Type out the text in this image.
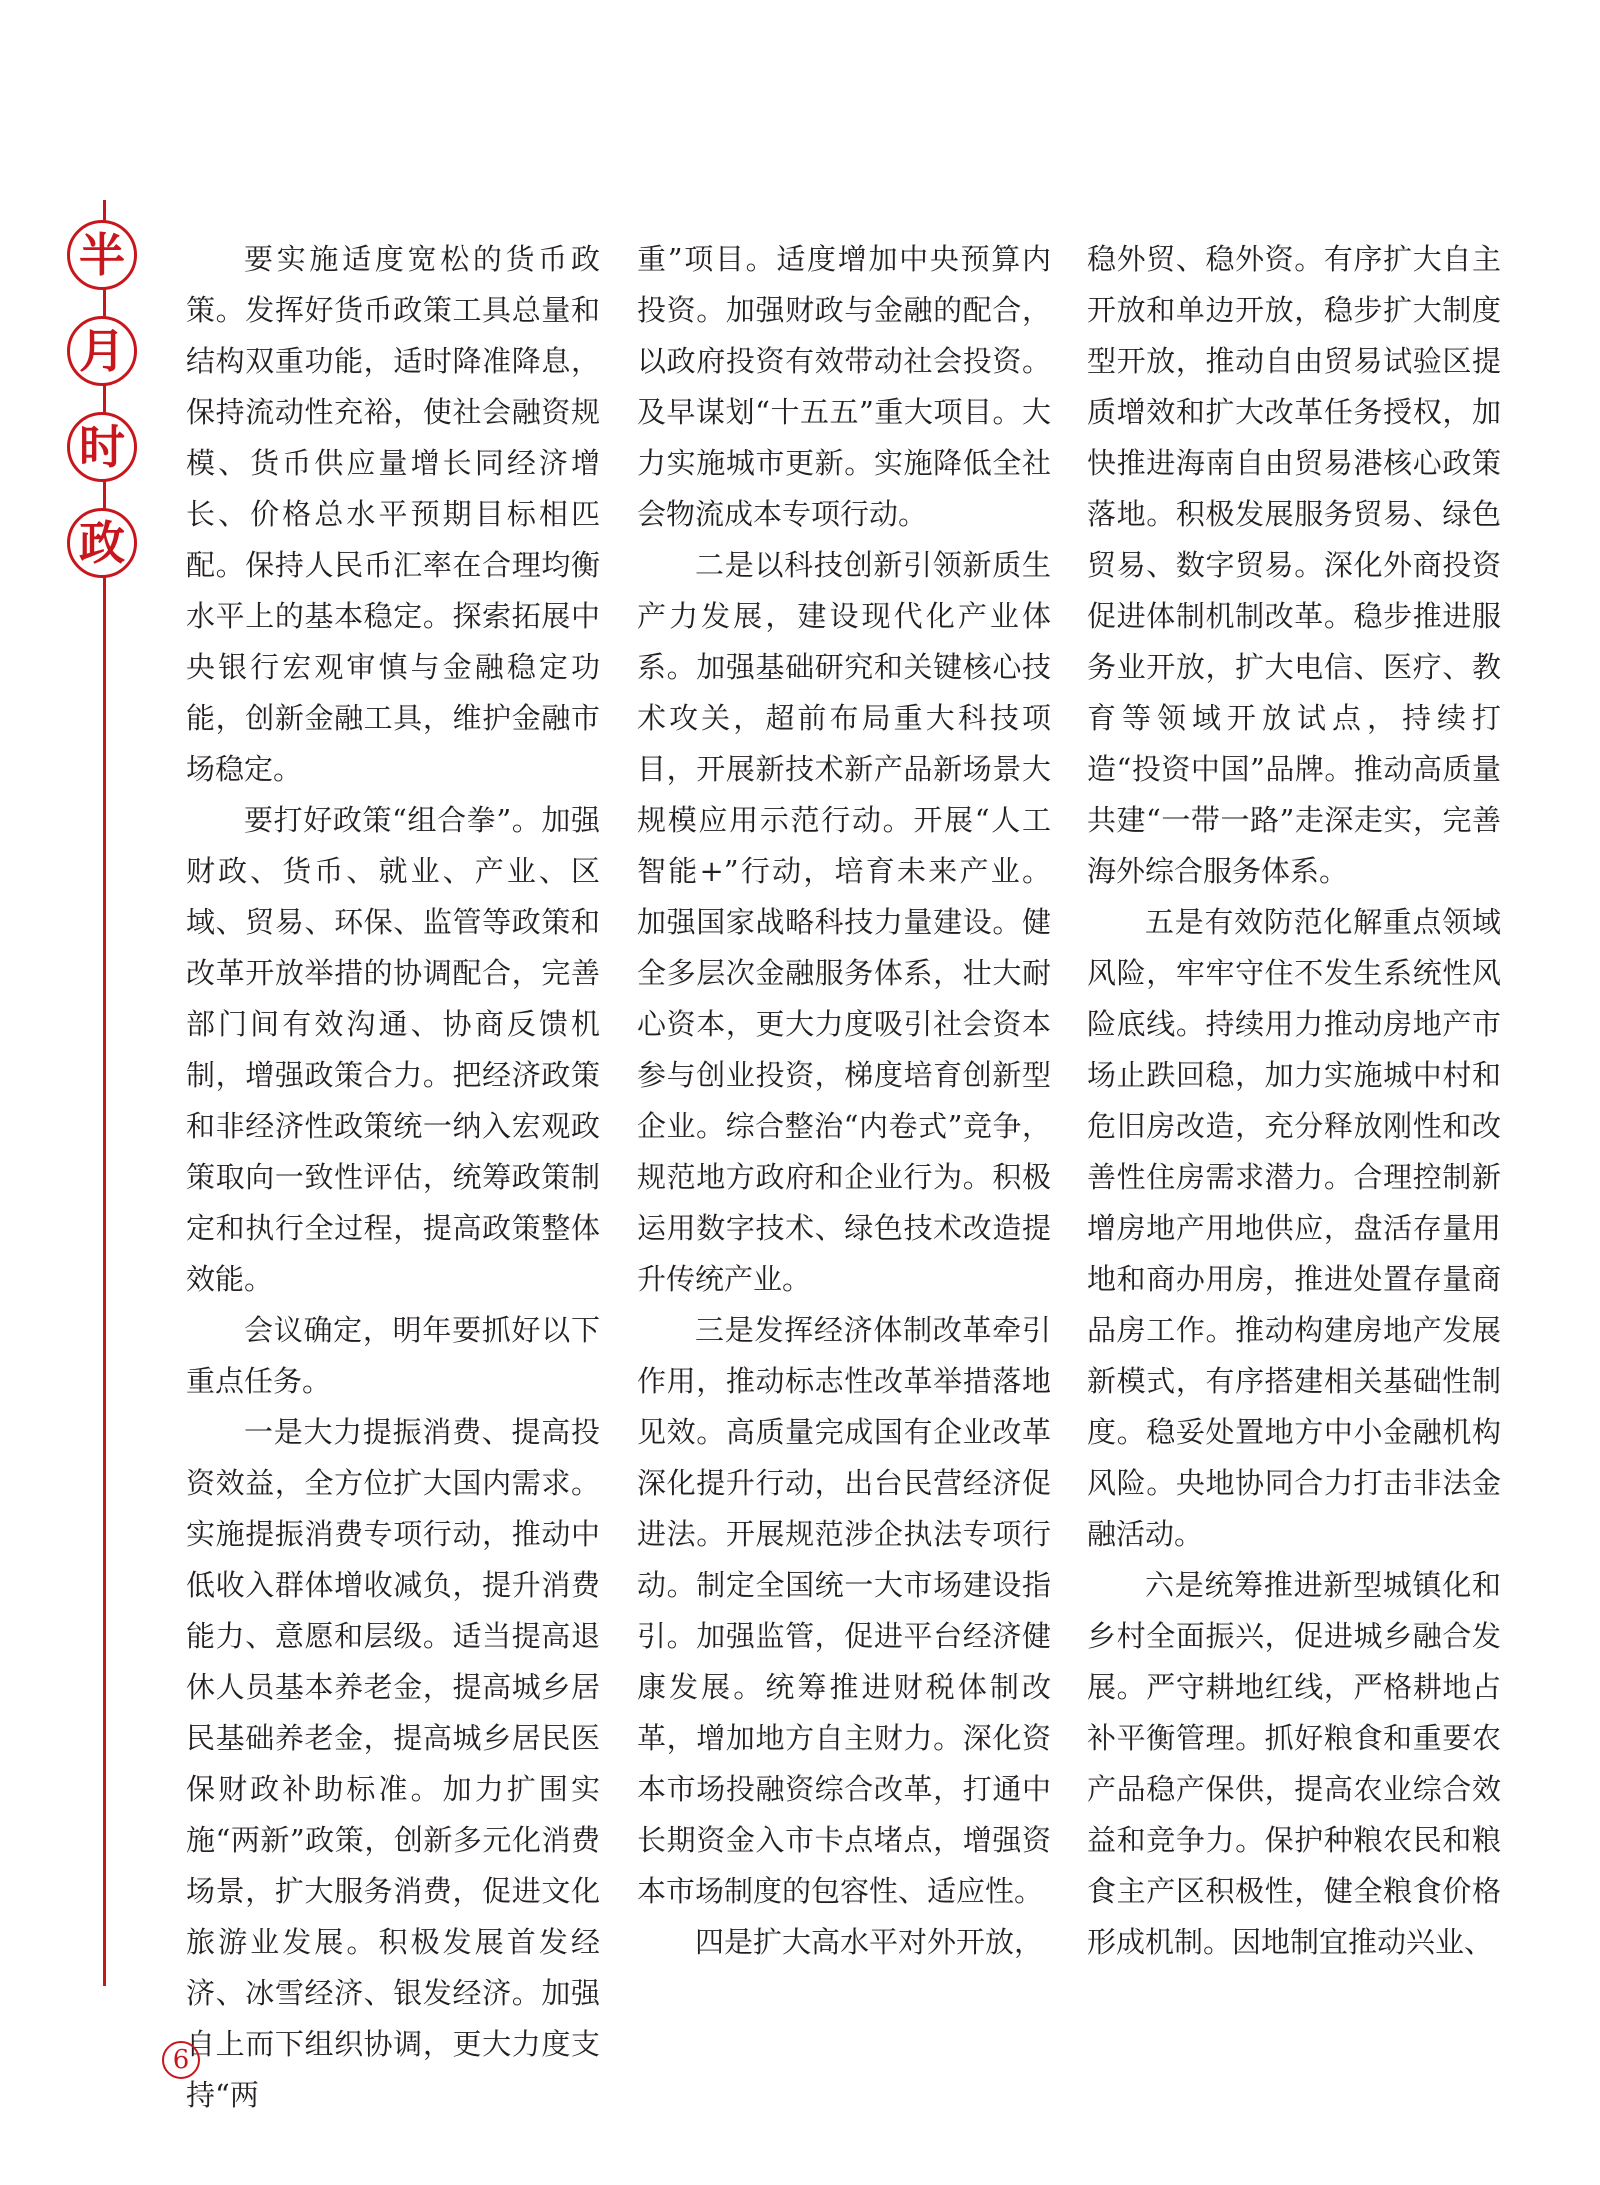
半
月
时
政

要实施适度宽松的货币政策。发挥好货币政策工具总量和结构双重功能，适时降准降息，保持流动性充裕，使社会融资规模、货币供应量增长同经济增长、价格总水平预期目标相匹配。保持人民币汇率在合理均衡水平上的基本稳定。探索拓展中央银行宏观审慎与金融稳定功能，创新金融工具，维护金融市场稳定。

要打好政策“组合拳”。加强财政、货币、就业、产业、区域、贸易、环保、监管等政策和改革开放举措的协调配合，完善部门间有效沟通、协商反馈机制，增强政策合力。把经济政策和非经济性政策统一纳入宏观政策取向一致性评估，统筹政策制定和执行全过程，提高政策整体效能。

会议确定，明年要抓好以下重点任务。

一是大力提振消费、提高投资效益，全方位扩大国内需求。实施提振消费专项行动，推动中低收入群体增收减负，提升消费能力、意愿和层级。适当提高退休人员基本养老金，提高城乡居民基础养老金，提高城乡居民医保财政补助标准。加力扩围实施“两新”政策，创新多元化消费场景，扩大服务消费，促进文化旅游业发展。积极发展首发经济、冰雪经济、银发经济。加强自上而下组织协调，更大力度支持“两

重”项目。适度增加中央预算内投资。加强财政与金融的配合，以政府投资有效带动社会投资。及早谋划“十五五”重大项目。大力实施城市更新。实施降低全社会物流成本专项行动。

二是以科技创新引领新质生产力发展，建设现代化产业体系。加强基础研究和关键核心技术攻关，超前布局重大科技项目，开展新技术新产品新场景大规模应用示范行动。开展“人工智能+”行动，培育未来产业。加强国家战略科技力量建设。健全多层次金融服务体系，壮大耐心资本，更大力度吸引社会资本参与创业投资，梯度培育创新型企业。综合整治“内卷式”竞争，规范地方政府和企业行为。积极运用数字技术、绿色技术改造提升传统产业。

三是发挥经济体制改革牵引作用，推动标志性改革举措落地见效。高质量完成国有企业改革深化提升行动，出台民营经济促进法。开展规范涉企执法专项行动。制定全国统一大市场建设指引。加强监管，促进平台经济健康发展。统筹推进财税体制改革，增加地方自主财力。深化资本市场投融资综合改革，打通中长期资金入市卡点堵点，增强资本市场制度的包容性、适应性。

四是扩大高水平对外开放，

稳外贸、稳外资。有序扩大自主开放和单边开放，稳步扩大制度型开放，推动自由贸易试验区提质增效和扩大改革任务授权，加快推进海南自由贸易港核心政策落地。积极发展服务贸易、绿色贸易、数字贸易。深化外商投资促进体制机制改革。稳步推进服务业开放，扩大电信、医疗、教育等领域开放试点，持续打造“投资中国”品牌。推动高质量共建“一带一路”走深走实，完善海外综合服务体系。

五是有效防范化解重点领域风险，牢牢守住不发生系统性风险底线。持续用力推动房地产市场止跌回稳，加力实施城中村和危旧房改造，充分释放刚性和改善性住房需求潜力。合理控制新增房地产用地供应，盘活存量用地和商办用房，推进处置存量商品房工作。推动构建房地产发展新模式，有序搭建相关基础性制度。稳妥处置地方中小金融机构风险。央地协同合力打击非法金融活动。

六是统筹推进新型城镇化和乡村全面振兴，促进城乡融合发展。严守耕地红线，严格耕地占补平衡管理。抓好粮食和重要农产品稳产保供，提高农业综合效益和竞争力。保护种粮农民和粮食主产区积极性，健全粮食价格形成机制。因地制宜推动兴业、

6
